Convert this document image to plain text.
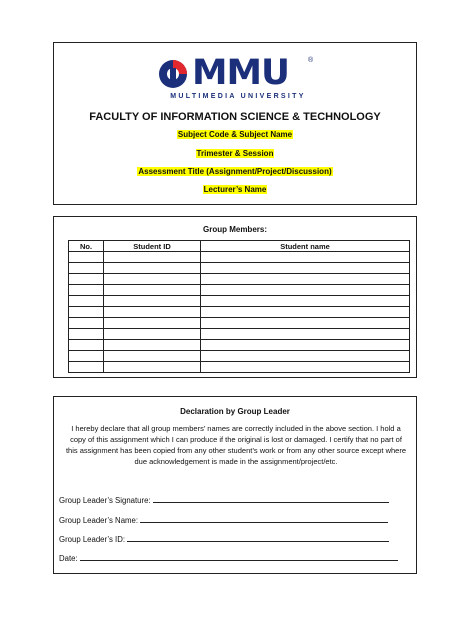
MMU	®
MULTIMEDIA UNIVERSITY
FACULTY OF INFORMATION SCIENCE & TECHNOLOGY
Subject Code & Subject Name
Trimester & Session
Assessment Title (Assignment/Project/Discussion)
Lecturer’s Name
Group Members:
No.	Student ID	Student name

Declaration by Group Leader
I hereby declare that all group members’ names are correctly included in the above section. I hold a copy of this assignment which I can produce if the original is lost or damaged. I certify that no part of this assignment has been copied from any other student’s work or from any other source except where due acknowledgement is made in the assignment/project/etc.
Group Leader’s Signature:
Group Leader’s Name:
Group Leader’s ID:
Date:
